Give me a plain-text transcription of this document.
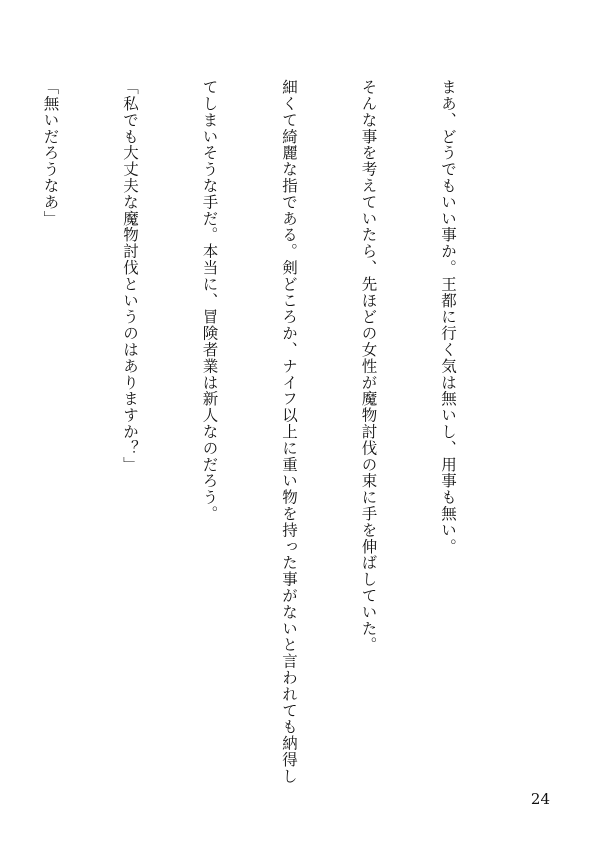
まあ、どうでもいい事か。王都に行く気は無いし、用事も無い。

そんな事を考えていたら、先ほどの女性が魔物討伐の束に手を伸ばしていた。

細くて綺麗な指である。剣どころか、ナイフ以上に重い物を持った事がないと言われても納得し

てしまいそうな手だ。本当に、冒険者業は新人なのだろう。

「私でも大丈夫な魔物討伐というのはありますか？」

「無いだろうなあ」

24
